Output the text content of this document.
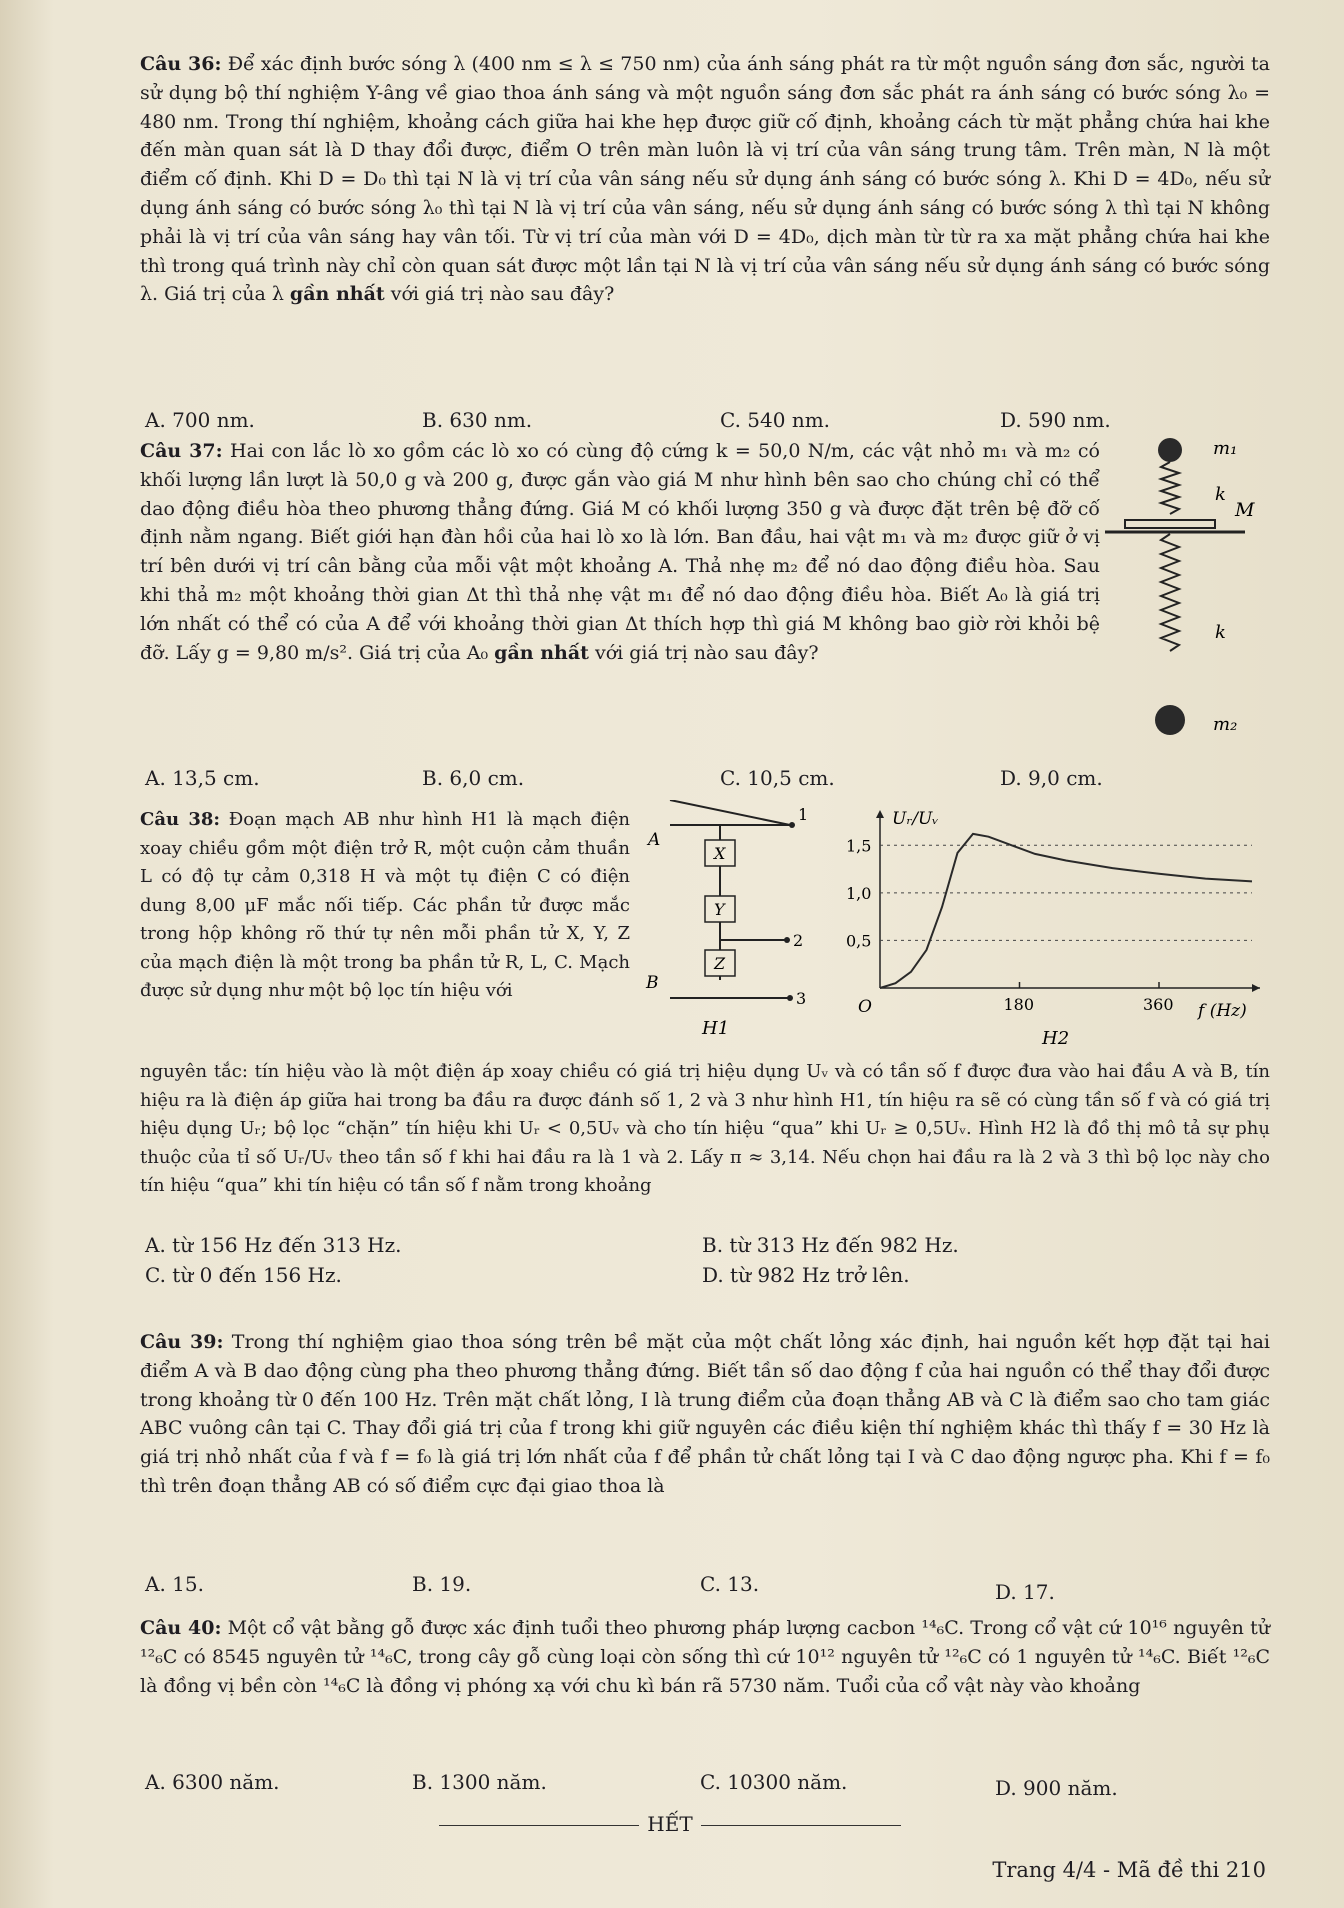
Câu 36: Để xác định bước sóng λ (400 nm ≤ λ ≤ 750 nm) của ánh sáng phát ra từ một nguồn sáng đơn sắc, người ta sử dụng bộ thí nghiệm Y-âng về giao thoa ánh sáng và một nguồn sáng đơn sắc phát ra ánh sáng có bước sóng λ₀ = 480 nm. Trong thí nghiệm, khoảng cách giữa hai khe hẹp được giữ cố định, khoảng cách từ mặt phẳng chứa hai khe đến màn quan sát là D thay đổi được, điểm O trên màn luôn là vị trí của vân sáng trung tâm. Trên màn, N là một điểm cố định. Khi D = D₀ thì tại N là vị trí của vân sáng nếu sử dụng ánh sáng có bước sóng λ. Khi D = 4D₀, nếu sử dụng ánh sáng có bước sóng λ₀ thì tại N là vị trí của vân sáng, nếu sử dụng ánh sáng có bước sóng λ thì tại N không phải là vị trí của vân sáng hay vân tối. Từ vị trí của màn với D = 4D₀, dịch màn từ từ ra xa mặt phẳng chứa hai khe thì trong quá trình này chỉ còn quan sát được một lần tại N là vị trí của vân sáng nếu sử dụng ánh sáng có bước sóng λ. Giá trị của λ gần nhất với giá trị nào sau đây?
A. 700 nm.	B. 630 nm.	C. 540 nm.	D. 590 nm.
Câu 37: Hai con lắc lò xo gồm các lò xo có cùng độ cứng k = 50,0 N/m, các vật nhỏ m₁ và m₂ có khối lượng lần lượt là 50,0 g và 200 g, được gắn vào giá M như hình bên sao cho chúng chỉ có thể dao động điều hòa theo phương thẳng đứng. Giá M có khối lượng 350 g và được đặt trên bệ đỡ cố định nằm ngang. Biết giới hạn đàn hồi của hai lò xo là lớn. Ban đầu, hai vật m₁ và m₂ được giữ ở vị trí bên dưới vị trí cân bằng của mỗi vật một khoảng A. Thả nhẹ m₂ để nó dao động điều hòa. Sau khi thả m₂ một khoảng thời gian Δt thì thả nhẹ vật m₁ để nó dao động điều hòa. Biết A₀ là giá trị lớn nhất có thể có của A để với khoảng thời gian Δt thích hợp thì giá M không bao giờ rời khỏi bệ đỡ. Lấy g = 9,80 m/s². Giá trị của A₀ gần nhất với giá trị nào sau đây?
m₁
k
M
k
m₂
A. 13,5 cm.	B. 6,0 cm.	C. 10,5 cm.	D. 9,0 cm.
Câu 38: Đoạn mạch AB như hình H1 là mạch điện xoay chiều gồm một điện trở R, một cuộn cảm thuần L có độ tự cảm 0,318 H và một tụ điện C có điện dung 8,00 μF mắc nối tiếp. Các phần tử được mắc trong hộp không rõ thứ tự nên mỗi phần tử X, Y, Z của mạch điện là một trong ba phần tử R, L, C. Mạch được sử dụng như một bộ lọc tín hiệu với
1
A
X
Y
2
Z
3
B
H1
Uᵣ/Uᵥ
f (Hz)
O
0,5
1,0
1,5
180	360
H2
nguyên tắc: tín hiệu vào là một điện áp xoay chiều có giá trị hiệu dụng Uᵥ và có tần số f được đưa vào hai đầu A và B, tín hiệu ra là điện áp giữa hai trong ba đầu ra được đánh số 1, 2 và 3 như hình H1, tín hiệu ra sẽ có cùng tần số f và có giá trị hiệu dụng Uᵣ; bộ lọc “chặn” tín hiệu khi Uᵣ < 0,5Uᵥ và cho tín hiệu “qua” khi Uᵣ ≥ 0,5Uᵥ. Hình H2 là đồ thị mô tả sự phụ thuộc của tỉ số Uᵣ/Uᵥ theo tần số f khi hai đầu ra là 1 và 2. Lấy π ≈ 3,14. Nếu chọn hai đầu ra là 2 và 3 thì bộ lọc này cho tín hiệu “qua” khi tín hiệu có tần số f nằm trong khoảng
A. từ 156 Hz đến 313 Hz.	B. từ 313 Hz đến 982 Hz.
C. từ 0 đến 156 Hz.	D. từ 982 Hz trở lên.
Câu 39: Trong thí nghiệm giao thoa sóng trên bề mặt của một chất lỏng xác định, hai nguồn kết hợp đặt tại hai điểm A và B dao động cùng pha theo phương thẳng đứng. Biết tần số dao động f của hai nguồn có thể thay đổi được trong khoảng từ 0 đến 100 Hz. Trên mặt chất lỏng, I là trung điểm của đoạn thẳng AB và C là điểm sao cho tam giác ABC vuông cân tại C. Thay đổi giá trị của f trong khi giữ nguyên các điều kiện thí nghiệm khác thì thấy f = 30 Hz là giá trị nhỏ nhất của f và f = f₀ là giá trị lớn nhất của f để phần tử chất lỏng tại I và C dao động ngược pha. Khi f = f₀ thì trên đoạn thẳng AB có số điểm cực đại giao thoa là
A. 15.	B. 19.	C. 13.	D. 17.
Câu 40: Một cổ vật bằng gỗ được xác định tuổi theo phương pháp lượng cacbon ¹⁴₆C. Trong cổ vật cứ 10¹⁶ nguyên tử ¹²₆C có 8545 nguyên tử ¹⁴₆C, trong cây gỗ cùng loại còn sống thì cứ 10¹² nguyên tử ¹²₆C có 1 nguyên tử ¹⁴₆C. Biết ¹²₆C là đồng vị bền còn ¹⁴₆C là đồng vị phóng xạ với chu kì bán rã 5730 năm. Tuổi của cổ vật này vào khoảng
A. 6300 năm.	B. 1300 năm.	C. 10300 năm.	D. 900 năm.
HẾT
Trang 4/4 - Mã đề thi 210
